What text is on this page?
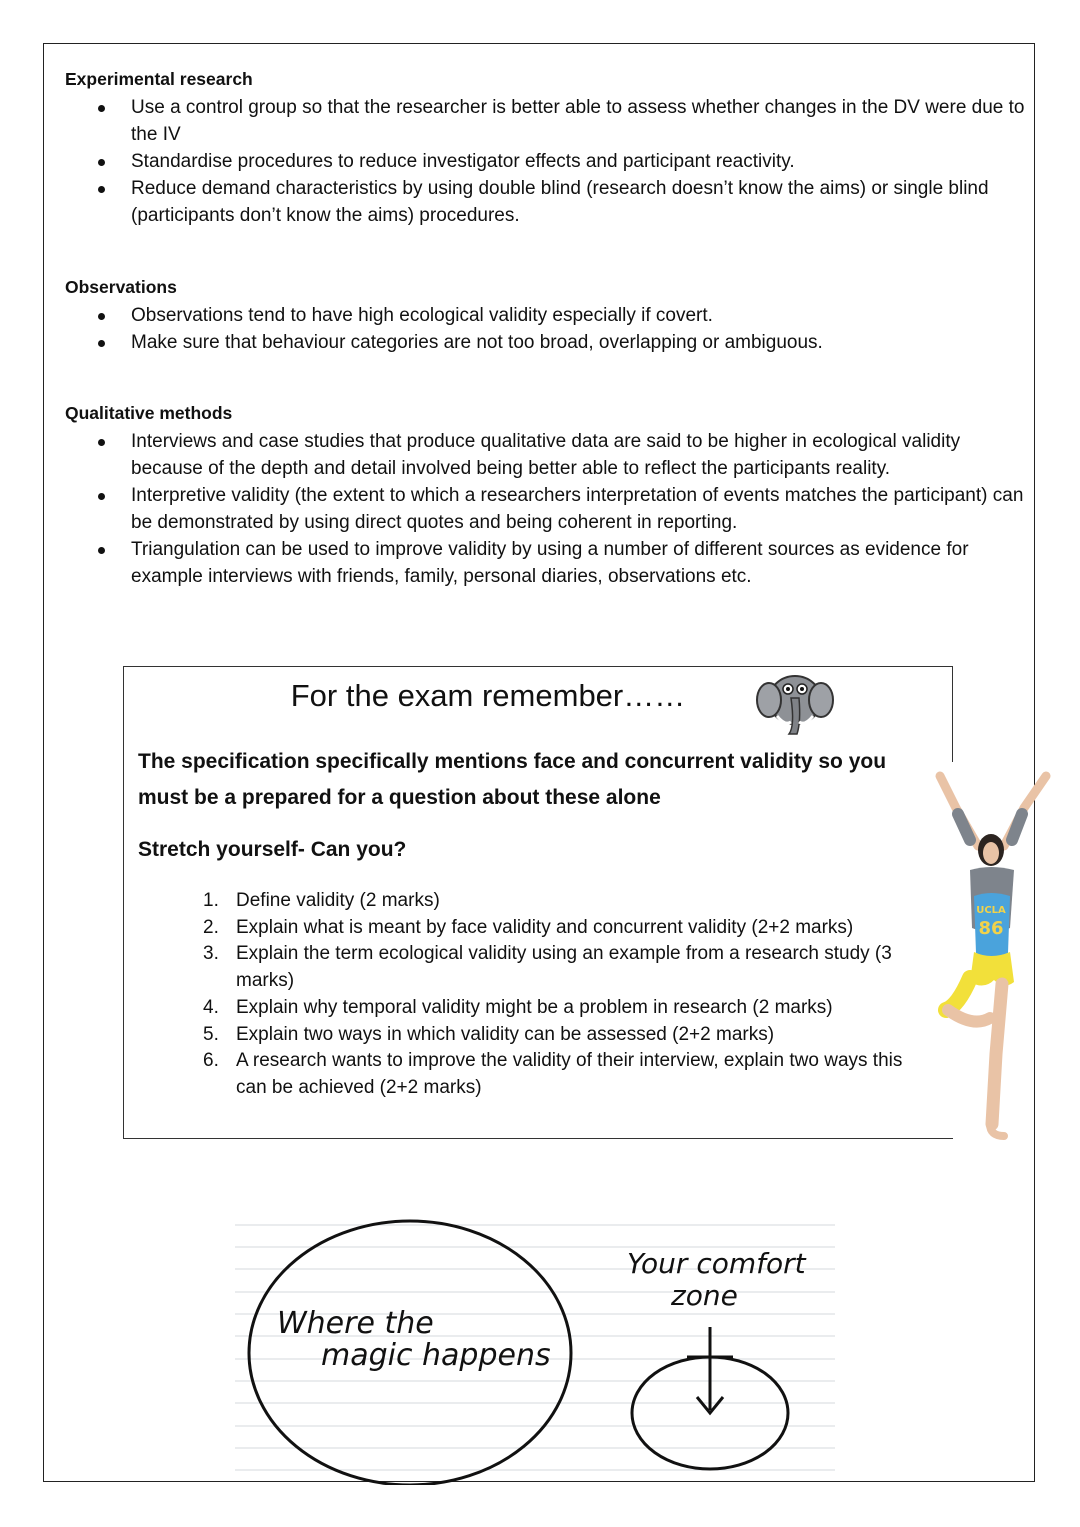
Experimental research
Use a control group so that the researcher is better able to assess whether changes in the DV were due to the IV
Standardise procedures to reduce investigator effects and participant reactivity.
Reduce demand characteristics by using double blind (research doesn’t know the aims) or single blind (participants don’t know the aims) procedures.
Observations
Observations tend to have high ecological validity especially if covert.
Make sure that behaviour categories are not too broad, overlapping or ambiguous.
Qualitative methods
Interviews and case studies that produce qualitative data are said to be higher in ecological validity because of the depth and detail involved being better able to reflect the participants reality.
Interpretive validity (the extent to which a researchers interpretation of events matches the participant) can be demonstrated by using direct quotes and being coherent in reporting.
Triangulation can be used to improve validity by using a number of different sources as evidence for example interviews with friends, family, personal diaries, observations etc.
For the exam remember……
The specification specifically mentions face and concurrent validity so you must be a prepared for a question about these alone
Stretch yourself- Can you?
1. Define validity (2 marks)
2. Explain what is meant by face validity and concurrent validity (2+2 marks)
3. Explain the term ecological validity using an example from a research study (3 marks)
4. Explain why temporal validity might be a problem in research (2 marks)
5. Explain two ways in which validity can be assessed (2+2 marks)
6. A research wants to improve the validity of their interview, explain two ways this can be achieved (2+2 marks)
UCLA
86
Where the
magic happens
Your comfort
zone
